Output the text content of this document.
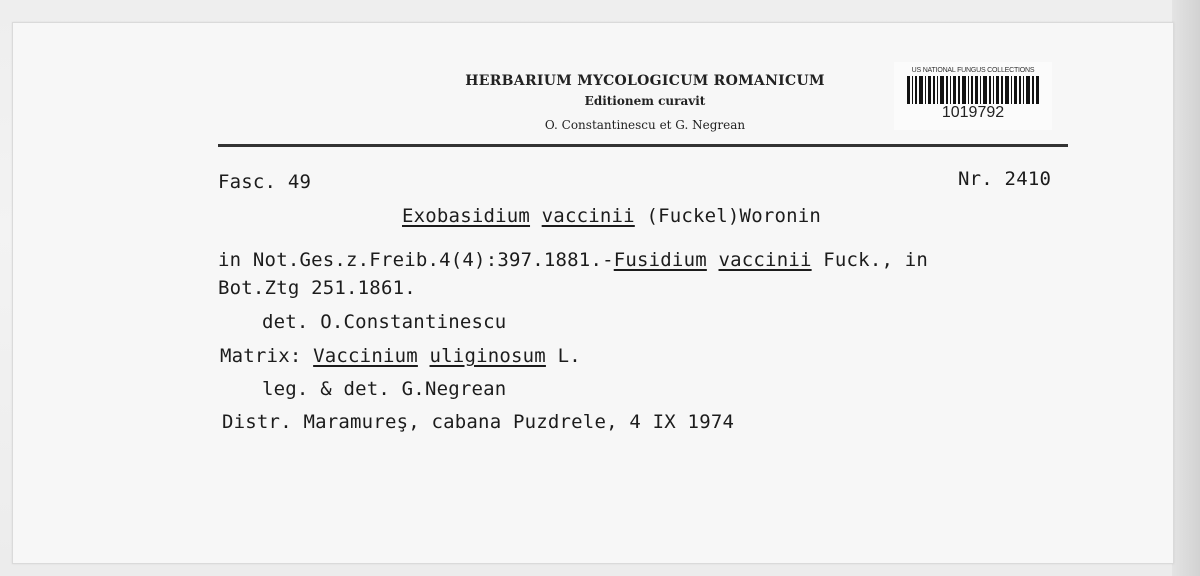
HERBARIUM MYCOLOGICUM ROMANICUM
Editionem curavit
O. Constantinescu et G. Negrean
US NATIONAL FUNGUS COLLECTIONS
1019792
Fasc. 49	Nr. 2410
Exobasidium vaccinii (Fuckel)Woronin
in Not.Ges.z.Freib.4(4):397.1881.-Fusidium vaccinii Fuck., in
Bot.Ztg 251.1861.
det. O.Constantinescu
Matrix: Vaccinium uliginosum L.
leg. & det. G.Negrean
Distr. Maramureş, cabana Puzdrele, 4 IX 1974
